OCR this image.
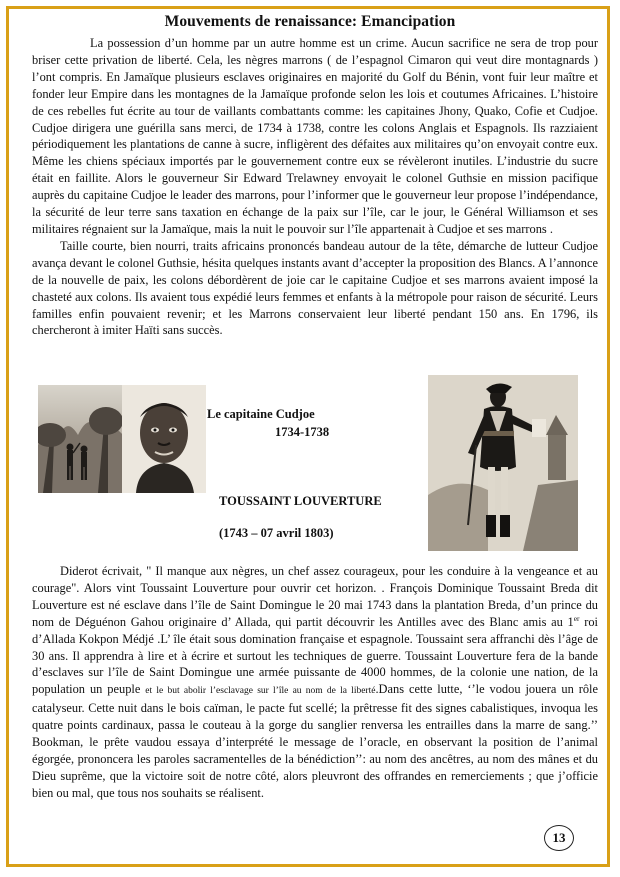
Mouvements de renaissance: Emancipation

La possession d’un homme par un autre homme est un crime. Aucun sacrifice ne sera de trop pour briser cette privation de liberté. Cela, les nègres marrons ( de l’espagnol Cimaron qui veut dire montagnards ) l’ont compris. En Jamaïque plusieurs esclaves originaires en majorité du Golf du Bénin, vont fuir leur maître et fonder leur Empire dans les montagnes de la Jamaïque profonde selon les lois et coutumes Africaines. L’histoire de ces rebelles fut écrite au tour de vaillants combattants comme: les capitaines Jhony, Quako, Cofie et Cudjoe. Cudjoe dirigera une guérilla sans merci, de 1734 à 1738, contre les colons Anglais et Espagnols. Ils razziaient périodiquement les plantations de canne à sucre, infligèrent des défaites aux militaires qu’on envoyait contre eux. Même les chiens spéciaux importés par le gouvernement contre eux se révèleront inutiles. L’industrie du sucre était en faillite. Alors le gouverneur Sir Edward Trelawney envoyait le colonel Guthsie en mission pacifique auprès du capitaine Cudjoe le leader des marrons, pour l’informer que le gouverneur leur propose l’indépendance, la sécurité de leur terre sans taxation en échange de la paix sur l’île, car le jour, le Général Williamson et ses militaires régnaient sur la Jamaïque, mais la nuit le pouvoir sur l’île appartenait à Cudjoe et ses marrons .

Taille courte, bien nourri, traits africains prononcés bandeau autour de la tête, démarche de lutteur Cudjoe avança devant le colonel Guthsie, hésita quelques instants avant d’accepter la proposition des Blancs. A l’annonce de la nouvelle de paix, les colons débordèrent de joie car le capitaine Cudjoe et ses marrons avaient imposé la chasteté aux colons. Ils avaient tous expédié leurs femmes et enfants à la métropole pour raison de sécurité. Leurs familles enfin pouvaient revenir; et les Marrons conservaient leur liberté pendant 150 ans. En 1796, ils chercheront à imiter Haïti sans succès.

Le capitaine Cudjoe
1734-1738
TOUSSAINT LOUVERTURE
(1743 – 07 avril 1803)

Diderot écrivait, " Il manque aux nègres, un chef assez courageux, pour les conduire à la vengeance et au courage". Alors vint Toussaint Louverture pour ouvrir cet horizon. . François Dominique Toussaint Breda dit Louverture est né esclave dans l’île de Saint Domingue le 20 mai 1743 dans la plantation Breda, d’un prince du nom de Déguénon Gahou originaire d’ Allada, qui partit découvrir les Antilles avec des Blanc amis au 1er roi d’Allada Kokpon Médjé .L’ île était sous domination française et espagnole. Toussaint sera affranchi dès l’âge de 30 ans. Il apprendra à lire et à écrire et surtout les techniques de guerre. Toussaint Louverture fera de la bande d’esclaves sur l’île de Saint Domingue une armée puissante de 4000 hommes, de la colonie une nation, de la population un peuple et le but abolir l’esclavage sur l’île au nom de la liberté.Dans cette lutte, ‘’le vodou jouera un rôle catalyseur. Cette nuit dans le bois caïman, le pacte fut scellé; la prêtresse fit des signes cabalistiques, invoqua les quatre points cardinaux, passa le couteau à la gorge du sanglier renversa les entrailles dans la marre de sang.’’ Bookman, le prête vaudou essaya d’interprété le message de l’oracle, en observant la position de l’animal égorgée, prononcera les paroles sacramentelles de la bénédiction’’: au nom des ancêtres, au nom des mânes et du Dieu suprême, que la victoire soit de notre côté, alors pleuvront des offrandes en remerciements ; que j’officie bien ou mal, que tous nos souhaits se réalisent.

13
